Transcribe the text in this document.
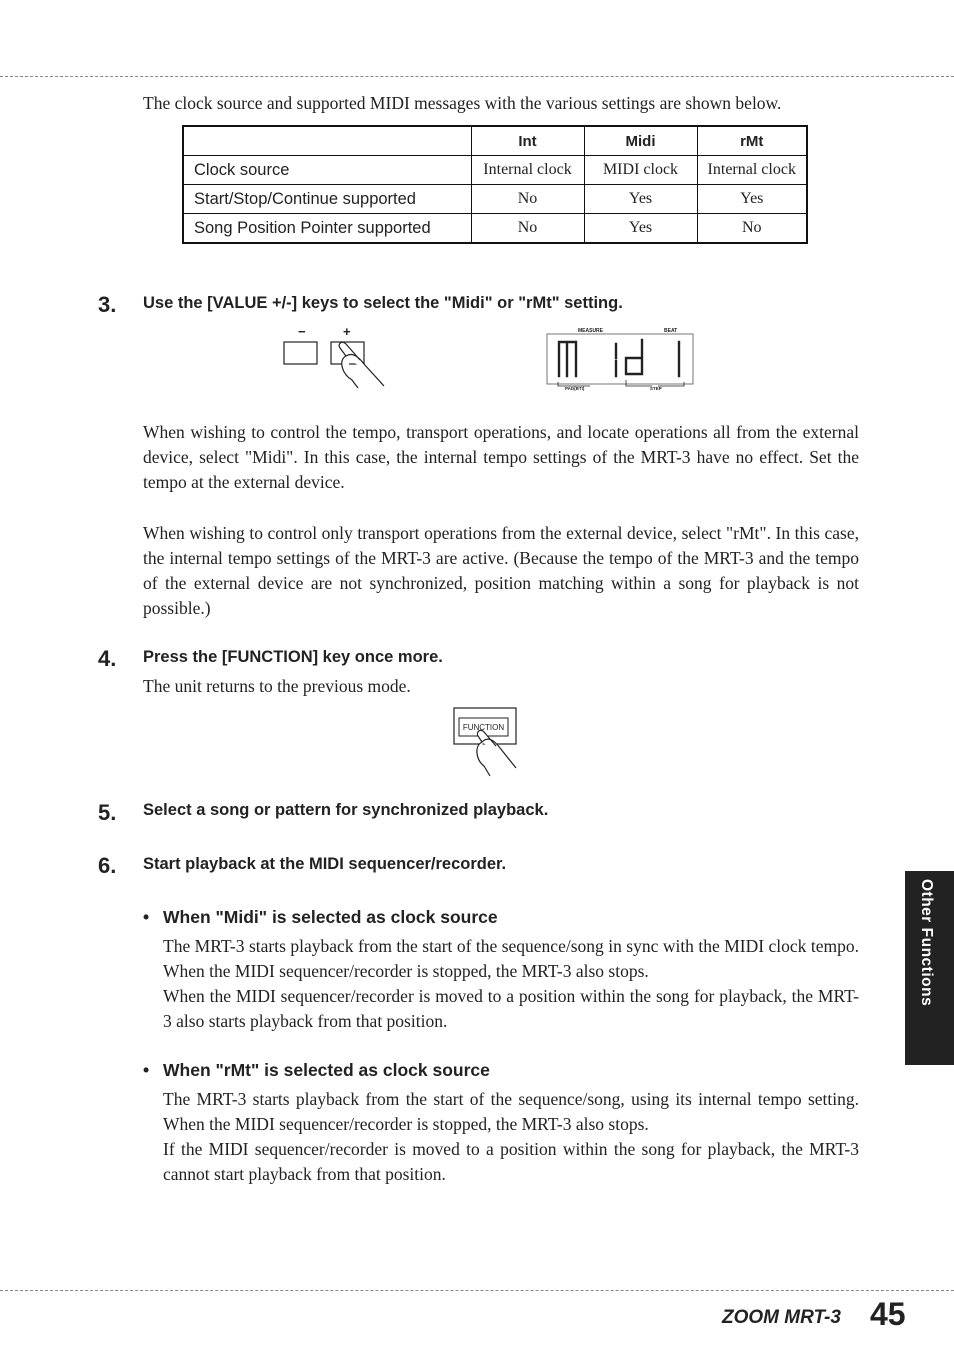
The clock source and supported MIDI messages with the various settings are shown below.

	Int	Midi	rMt
Clock source	Internal clock	MIDI clock	Internal clock
Start/Stop/Continue supported	No	Yes	Yes
Song Position Pointer supported	No	Yes	No
3. Use the [VALUE +/-] keys to select the "Midi" or "rMt" setting.
−	+	MEASURE	BEAT
PAD(BTI)	STEP

When wishing to control the tempo, transport operations, and locate operations all from the external device, select "Midi". In this case, the internal tempo settings of the MRT-3 have no effect. Set the tempo at the external device.

When wishing to control only transport operations from the external device, select "rMt". In this case, the internal tempo settings of the MRT-3 are active. (Because the tempo of the MRT-3 and the tempo of the external device are not synchronized, position matching within a song for playback is not possible.)

4. Press the [FUNCTION] key once more.

The unit returns to the previous mode.

FUNCTION
5. Select a song or pattern for synchronized playback.
6. Start playback at the MIDI sequencer/recorder.
• When "Midi" is selected as clock source

The MRT-3 starts playback from the start of the sequence/song in sync with the MIDI clock tempo. When the MIDI sequencer/recorder is stopped, the MRT-3 also stops.

When the MIDI sequencer/recorder is moved to a position within the song for playback, the MRT-3 also starts playback from that position.

• When "rMt" is selected as clock source

The MRT-3 starts playback from the start of the sequence/song, using its internal tempo setting. When the MIDI sequencer/recorder is stopped, the MRT-3 also stops.

If the MIDI sequencer/recorder is moved to a position within the song for playback, the MRT-3 cannot start playback from that position.

Other Functions
ZOOM MRT-3 45
